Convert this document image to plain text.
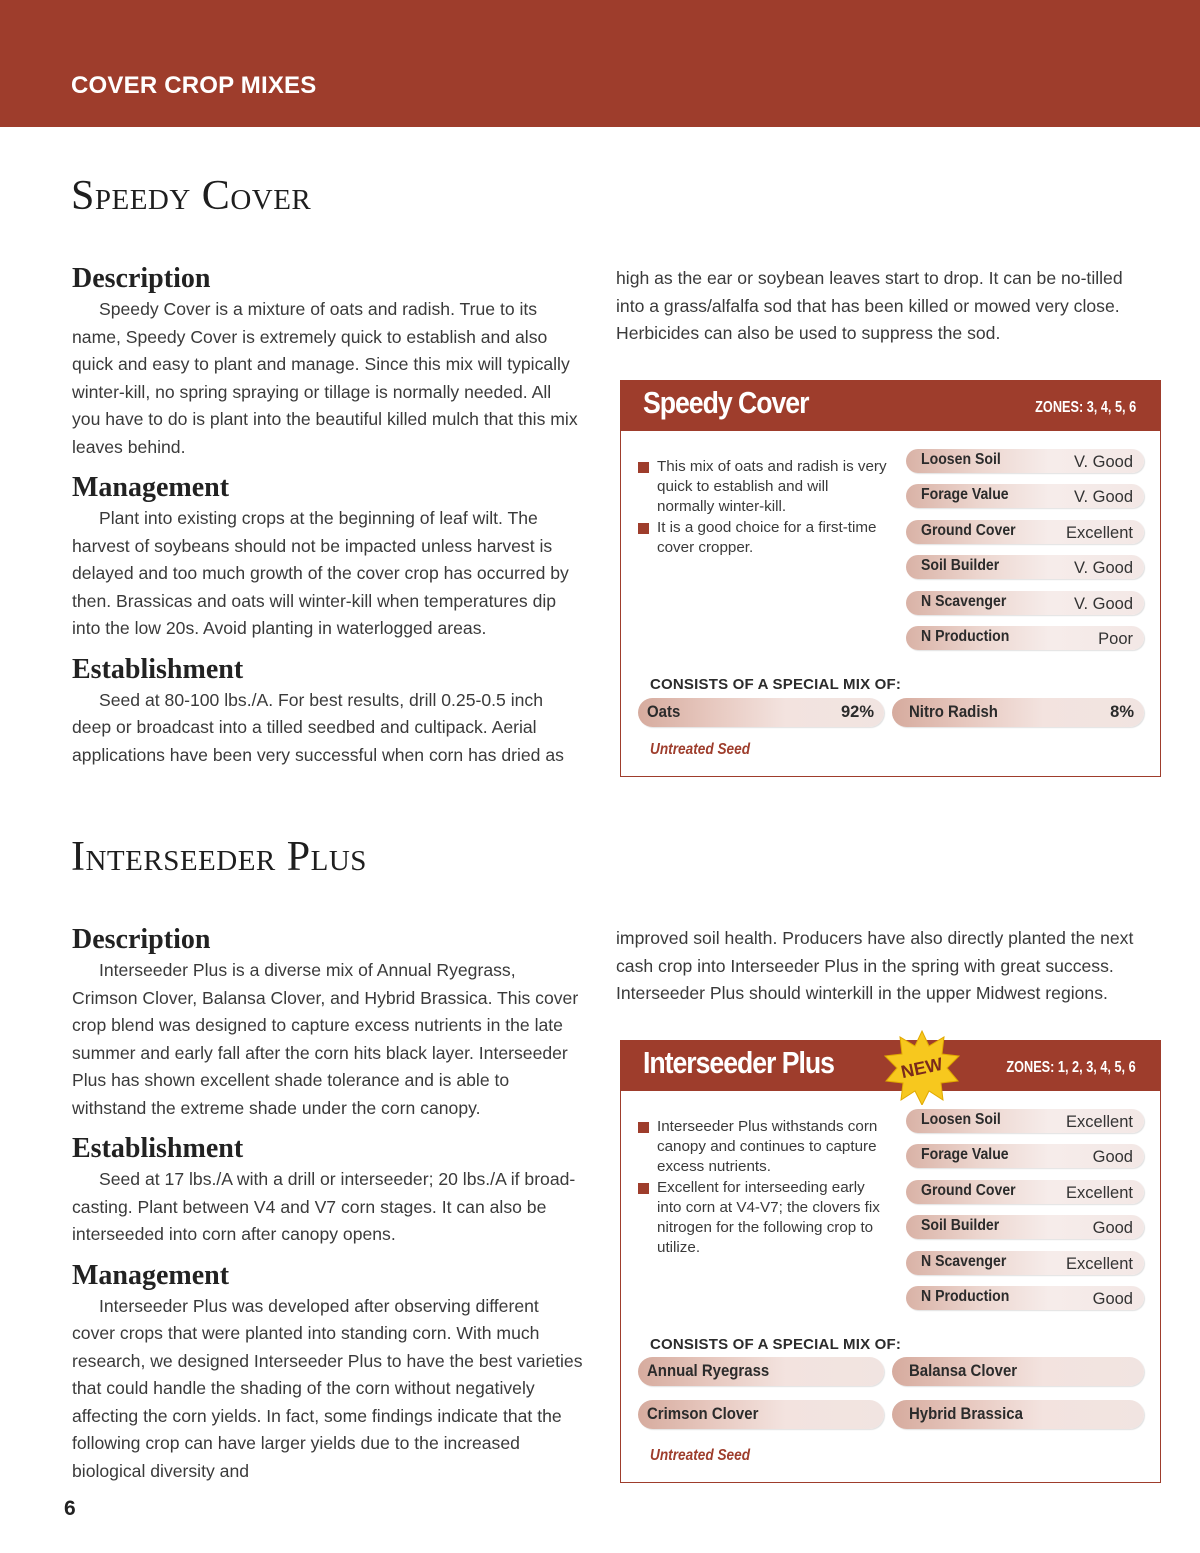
COVER CROP MIXES
Speedy Cover
Description

Speedy Cover is a mixture of oats and radish. True to its name, Speedy Cover is extremely quick to establish and also quick and easy to plant and manage. Since this mix will typically winter-kill, no spring spraying or tillage is normally needed. All you have to do is plant into the beautiful killed mulch that this mix leaves behind.

Management

Plant into existing crops at the beginning of leaf wilt. The harvest of soybeans should not be impacted unless harvest is delayed and too much growth of the cover crop has occurred by then. Brassicas and oats will winter-kill when temperatures dip into the low 20s. Avoid planting in waterlogged areas.

Establishment

Seed at 80-100 lbs./A. For best results, drill 0.25-0.5 inch deep or broadcast into a tilled seedbed and cultipack. Aerial applications have been very successful when corn has dried as

high as the ear or soybean leaves start to drop. It can be no-tilled into a grass/alfalfa sod that has been killed or mowed very close. Herbicides can also be used to suppress the sod.

Speedy Cover	ZONES: 3, 4, 5, 6
This mix of oats and radish is very quick to establish and will normally winter-kill.
It is a good choice for a first-time cover cropper.
Loosen Soil	V. Good
Forage Value	V. Good
Ground Cover	Excellent
Soil Builder	V. Good
N Scavenger	V. Good
N Production	Poor
CONSISTS OF A SPECIAL MIX OF:
Oats	92% Nitro Radish	8%
Untreated Seed
Interseeder Plus
Description

Interseeder Plus is a diverse mix of Annual Ryegrass, Crimson Clover, Balansa Clover, and Hybrid Brassica. This cover crop blend was designed to capture excess nutrients in the late summer and early fall after the corn hits black layer. Interseeder Plus has shown excellent shade tolerance and is able to withstand the extreme shade under the corn canopy.

Establishment

Seed at 17 lbs./A with a drill or interseeder; 20 lbs./A if broad-casting. Plant between V4 and V7 corn stages. It can also be interseeded into corn after canopy opens.

Management

Interseeder Plus was developed after observing different cover crops that were planted into standing corn. With much research, we designed Interseeder Plus to have the best varieties that could handle the shading of the corn without negatively affecting the corn yields. In fact, some findings indicate that the following crop can have larger yields due to the increased biological diversity and

improved soil health. Producers have also directly planted the next cash crop into Interseeder Plus in the spring with great success. Interseeder Plus should winterkill in the upper Midwest regions.

Interseeder Plus	NEW	ZONES: 1, 2, 3, 4, 5, 6
Interseeder Plus withstands corn canopy and continues to capture excess nutrients.
Excellent for interseeding early into corn at V4-V7; the clovers fix nitrogen for the following crop to utilize.
Loosen Soil	Excellent
Forage Value	Good
Ground Cover	Excellent
Soil Builder	Good
N Scavenger	Excellent
N Production	Good
CONSISTS OF A SPECIAL MIX OF:
Annual Ryegrass	Balansa Clover
Crimson Clover	Hybrid Brassica
Untreated Seed
6
